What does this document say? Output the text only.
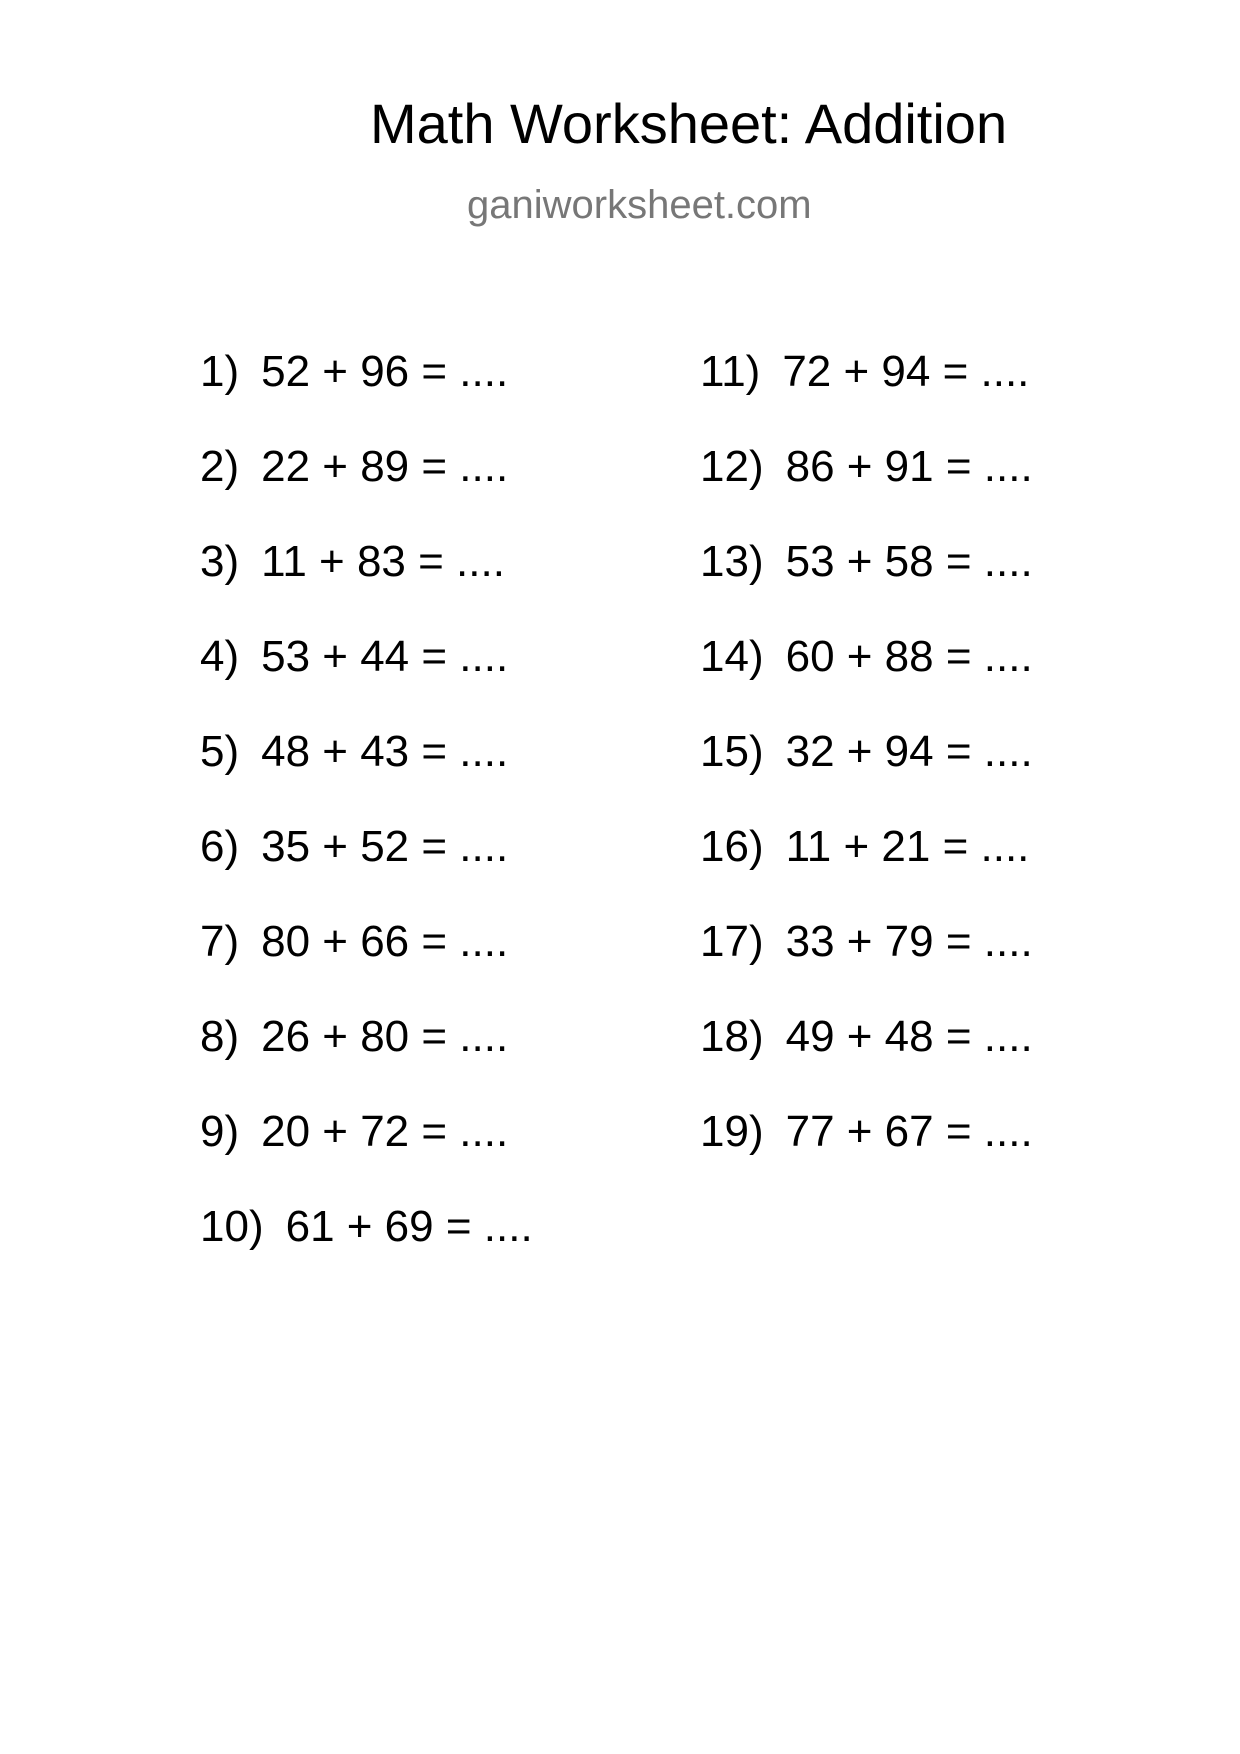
Math Worksheet: Addition
ganiworksheet.com
1) 52 + 96 = ....
2) 22 + 89 = ....
3) 11 + 83 = ....
4) 53 + 44 = ....
5) 48 + 43 = ....
6) 35 + 52 = ....
7) 80 + 66 = ....
8) 26 + 80 = ....
9) 20 + 72 = ....
10) 61 + 69 = ....
11) 72 + 94 = ....
12) 86 + 91 = ....
13) 53 + 58 = ....
14) 60 + 88 = ....
15) 32 + 94 = ....
16) 11 + 21 = ....
17) 33 + 79 = ....
18) 49 + 48 = ....
19) 77 + 67 = ....
